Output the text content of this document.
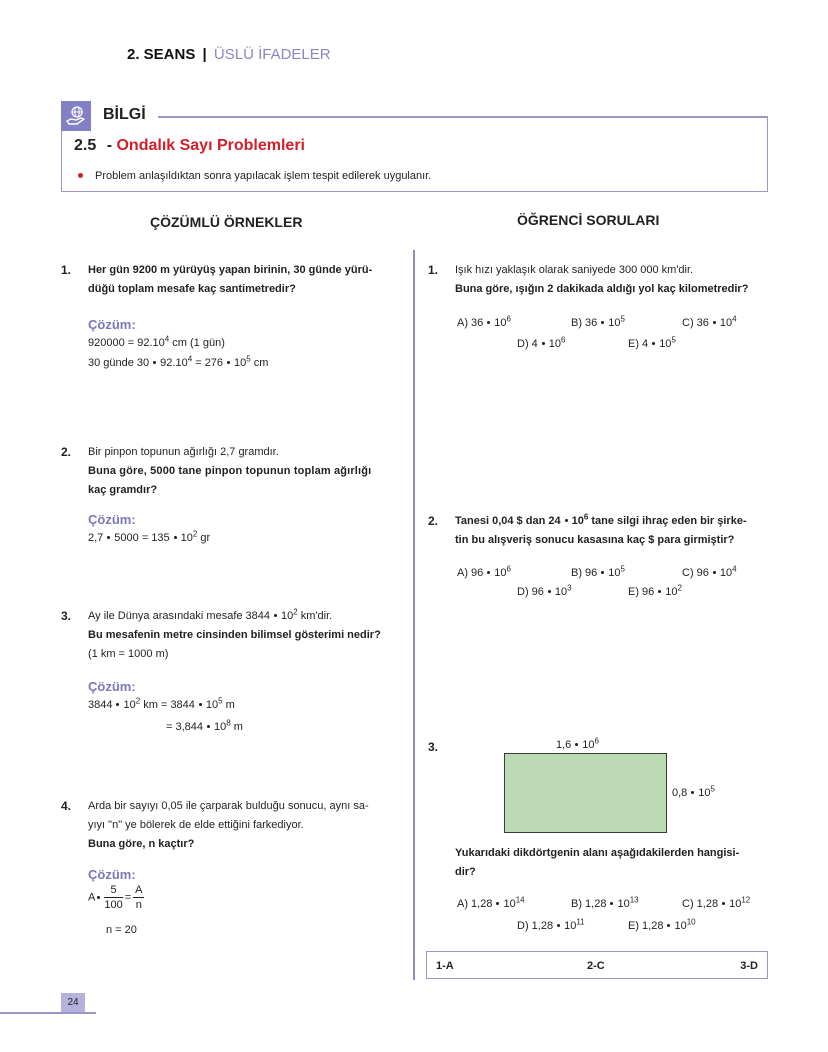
2. SEANS | ÜSLÜ İFADELER
BİLGİ
2.5 - Ondalık Sayı Problemleri
Problem anlaşıldıktan sonra yapılacak işlem tespit edilerek uygulanır.
ÇÖZÜMLÜ ÖRNEKLER	ÖĞRENCİ SORULARI
1. Her gün 9200 m yürüyüş yapan birinin, 30 günde yürü-
düğü toplam mesafe kaç santimetredir?
Çözüm:
$920000 = 92.10^4$ cm (1 gün)
30 günde 30 $92.10^4 = 276$ $10^5$ cm
2. Bir pinpon topunun ağırlığı 2,7 gramdır.
Buna göre, 5000 tane pinpon topunun toplam ağırlığı
kaç gramdır?
Çözüm:
2,7 5000 = 135 $10^2$ gr
3. Ay ile Dünya arasındaki mesafe 3844 $10^2$ km'dir.
Bu mesafenin metre cinsinden bilimsel gösterimi nedir?
(1 km = 1000 m)
Çözüm:
3844 $10^2$ km = 3844 $10^5$ m
= 3,844 $10^8$ m
4. Arda bir sayıyı 0,05 ile çarparak bulduğu sonucu, aynı sa-
yıyı "n" ye bölerek de elde ettiğini farkediyor.
Buna göre, n kaçtır?
Çözüm:
A $\frac{5}{100} = \frac{A}{n}$
n = 20
1. Işık hızı yaklaşık olarak saniyede 300 000 km'dir.
Buna göre, ışığın 2 dakikada aldığı yol kaç kilometredir?
A) 36 $10^6$	B) 36 $10^5$	C) 36 $10^4$
D) 4 $10^6$	E) 4 $10^5$
2. Tanesi 0,04 $ dan 24 $10^6$ tane silgi ihraç eden bir şirke-
tin bu alışveriş sonucu kasasına kaç $ para girmiştir?
A) 96 $10^6$	B) 96 $10^5$	C) 96 $10^4$
D) 96 $10^3$	E) 96 $10^2$
3.	1,6 $10^6$
0,8 $10^5$
Yukarıdaki dikdörtgenin alanı aşağıdakilerden hangisi-
dir?
A) 1,28 $10^{14}$	B) 1,28 $10^{13}$	C) 1,28 $10^{12}$
D) 1,28 $10^{11}$	E) 1,28 $10^{10}$
1-A	2-C	3-D
24
